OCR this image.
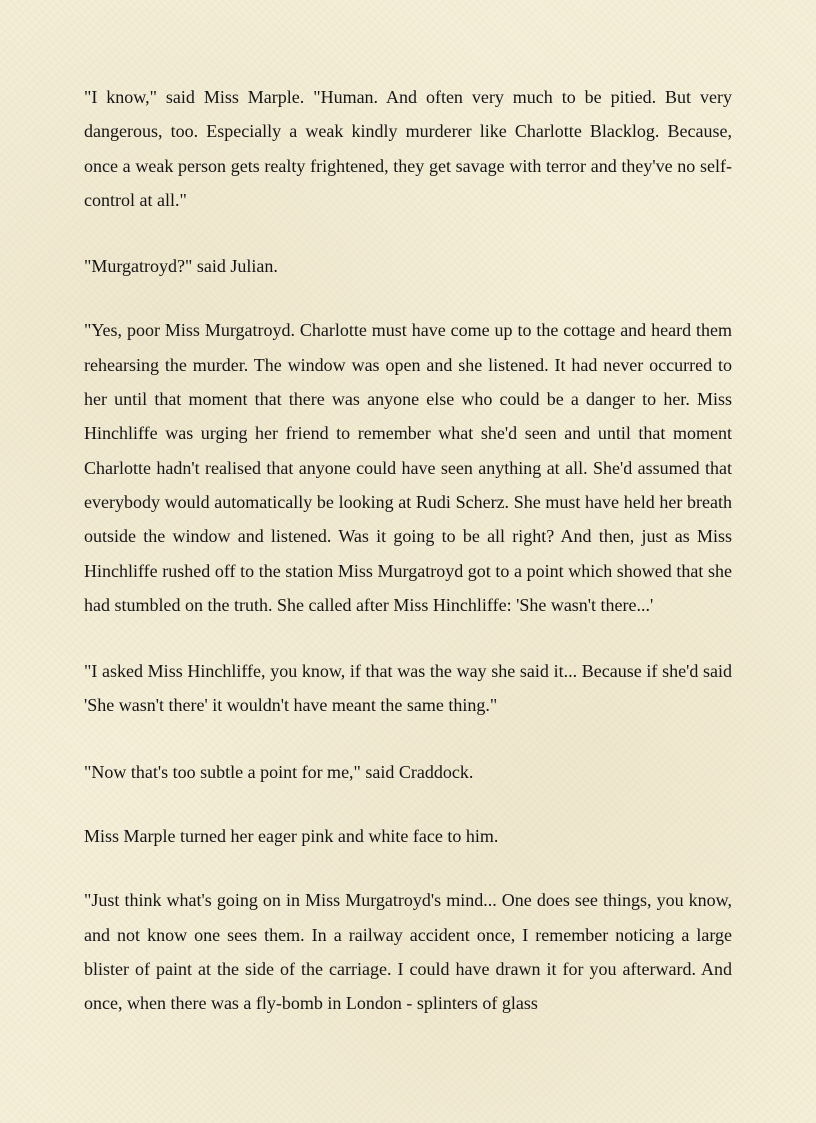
"I know," said Miss Marple. "Human. And often very much to be pitied. But very dangerous, too. Especially a weak kindly murderer like Charlotte Blacklog. Because, once a weak person gets realty frightened, they get savage with terror and they've no self-control at all."

"Murgatroyd?" said Julian.

"Yes, poor Miss Murgatroyd. Charlotte must have come up to the cottage and heard them rehearsing the murder. The window was open and she listened. It had never occurred to her until that moment that there was anyone else who could be a danger to her. Miss Hinchliffe was urging her friend to remember what she'd seen and until that moment Charlotte hadn't realised that anyone could have seen anything at all. She'd assumed that everybody would automatically be looking at Rudi Scherz. She must have held her breath outside the window and listened. Was it going to be all right? And then, just as Miss Hinchliffe rushed off to the station Miss Murgatroyd got to a point which showed that she had stumbled on the truth. She called after Miss Hinchliffe: 'She wasn't there...'

"I asked Miss Hinchliffe, you know, if that was the way she said it... Because if she'd said 'She wasn't there' it wouldn't have meant the same thing."

"Now that's too subtle a point for me," said Craddock.

Miss Marple turned her eager pink and white face to him.

"Just think what's going on in Miss Murgatroyd's mind... One does see things, you know, and not know one sees them. In a railway accident once, I remember noticing a large blister of paint at the side of the carriage. I could have drawn it for you afterward. And once, when there was a fly-bomb in London - splinters of glass
